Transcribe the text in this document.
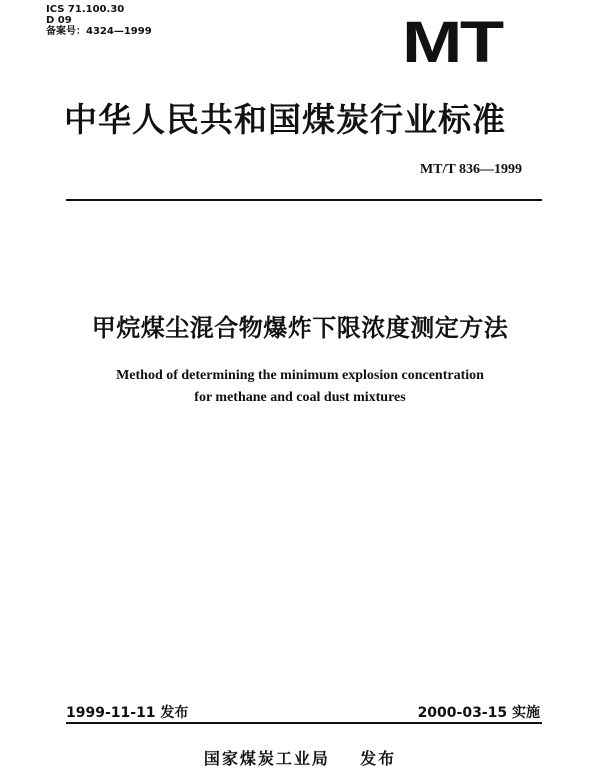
ICS 71.100.30
D 09
备案号：4324—1999	MT
中华人民共和国煤炭行业标准
MT/T 836—1999
甲烷煤尘混合物爆炸下限浓度测定方法
Method of determining the minimum explosion concentration
for methane and coal dust mixtures
1999-11-11 发布	2000-03-15 实施
国家煤炭工业局    发布
